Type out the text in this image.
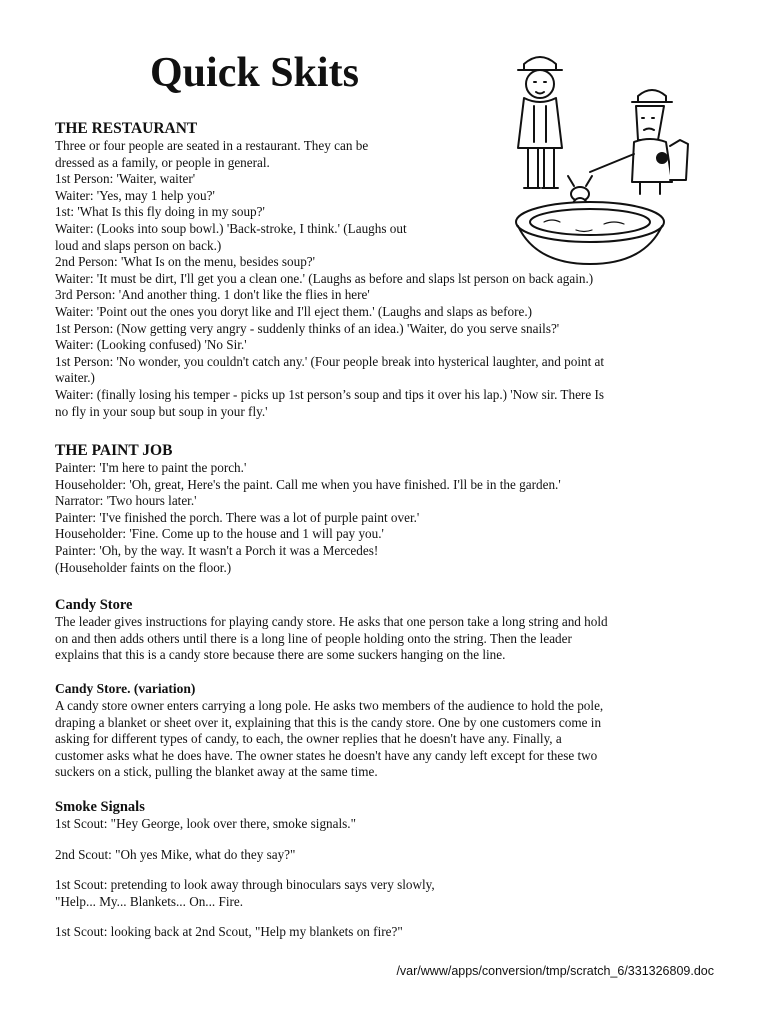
Quick Skits
THE RESTAURANT

Three or four people are seated in a restaurant. They can be

dressed as a family, or people in general.

1st Person: 'Waiter, waiter'

Waiter: 'Yes, may 1 help you?'

1st: 'What Is this fly doing in my soup?'

Waiter: (Looks into soup bowl.) 'Back-stroke, I think.' (Laughs out

loud and slaps person on back.)

2nd Person: 'What Is on the menu, besides soup?'

Waiter: 'It must be dirt, I'll get you a clean one.' (Laughs as before and slaps lst person on back again.)

3rd Person: 'And another thing. 1 don't like the flies in here'

Waiter: 'Point out the ones you doryt like and I'll eject them.' (Laughs and slaps as before.)

1st Person: (Now getting very angry - suddenly thinks of an idea.) 'Waiter, do you serve snails?'

Waiter: (Looking confused) 'No Sir.'

1st Person: 'No wonder, you couldn't catch any.' (Four people break into hysterical laughter, and point at

waiter.)

Waiter: (finally losing his temper - picks up 1st person’s soup and tips it over his lap.) 'Now sir. There Is

no fly in your soup but soup in your fly.'

THE PAINT JOB

Painter: 'I'm here to paint the porch.'

Householder: 'Oh, great, Here's the paint. Call me when you have finished. I'll be in the garden.'

Narrator: 'Two hours later.'

Painter: 'I've finished the porch. There was a lot of purple paint over.'

Householder: 'Fine. Come up to the house and 1 will pay you.'

Painter: 'Oh, by the way. It wasn't a Porch it was a Mercedes!

(Householder faints on the floor.)

Candy Store

The leader gives instructions for playing candy store. He asks that one person take a long string and hold

on and then adds others until there is a long line of people holding onto the string. Then the leader

explains that this is a candy store because there are some suckers hanging on the line.

Candy Store. (variation)

A candy store owner enters carrying a long pole. He asks two members of the audience to hold the pole,

draping a blanket or sheet over it, explaining that this is the candy store. One by one customers come in

asking for different types of candy, to each, the owner replies that he doesn't have any. Finally, a

customer asks what he does have. The owner states he doesn't have any candy left except for these two

suckers on a stick, pulling the blanket away at the same time.

Smoke Signals

1st Scout: "Hey George, look over there, smoke signals."

2nd Scout: "Oh yes Mike, what do they say?"

1st Scout: pretending to look away through binoculars says very slowly,

"Help... My... Blankets... On... Fire.

1st Scout: looking back at 2nd Scout, "Help my blankets on fire?"

/var/www/apps/conversion/tmp/scratch_6/331326809.doc
